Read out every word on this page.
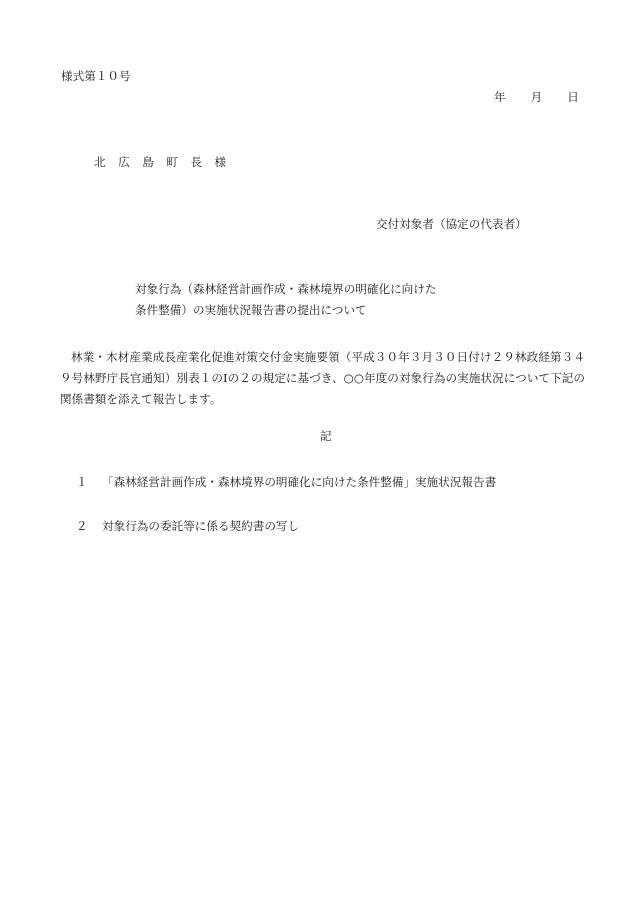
様式第１０号
年 月 日
北 広 島 町 長 様
交付対象者（協定の代表者）
対象行為（森林経営計画作成・森林境界の明確化に向けた
条件整備）の実施状況報告書の提出について
林業・木材産業成長産業化促進対策交付金実施要領（平成３０年３月３０日付け２９林政経第３４９号林野庁長官通知）別表１のⅠの２の規定に基づき、○○年度の対象行為の実施状況について下記の関係書類を添えて報告します。
記
１ 「森林経営計画作成・森林境界の明確化に向けた条件整備」実施状況報告書
２ 対象行為の委託等に係る契約書の写し
